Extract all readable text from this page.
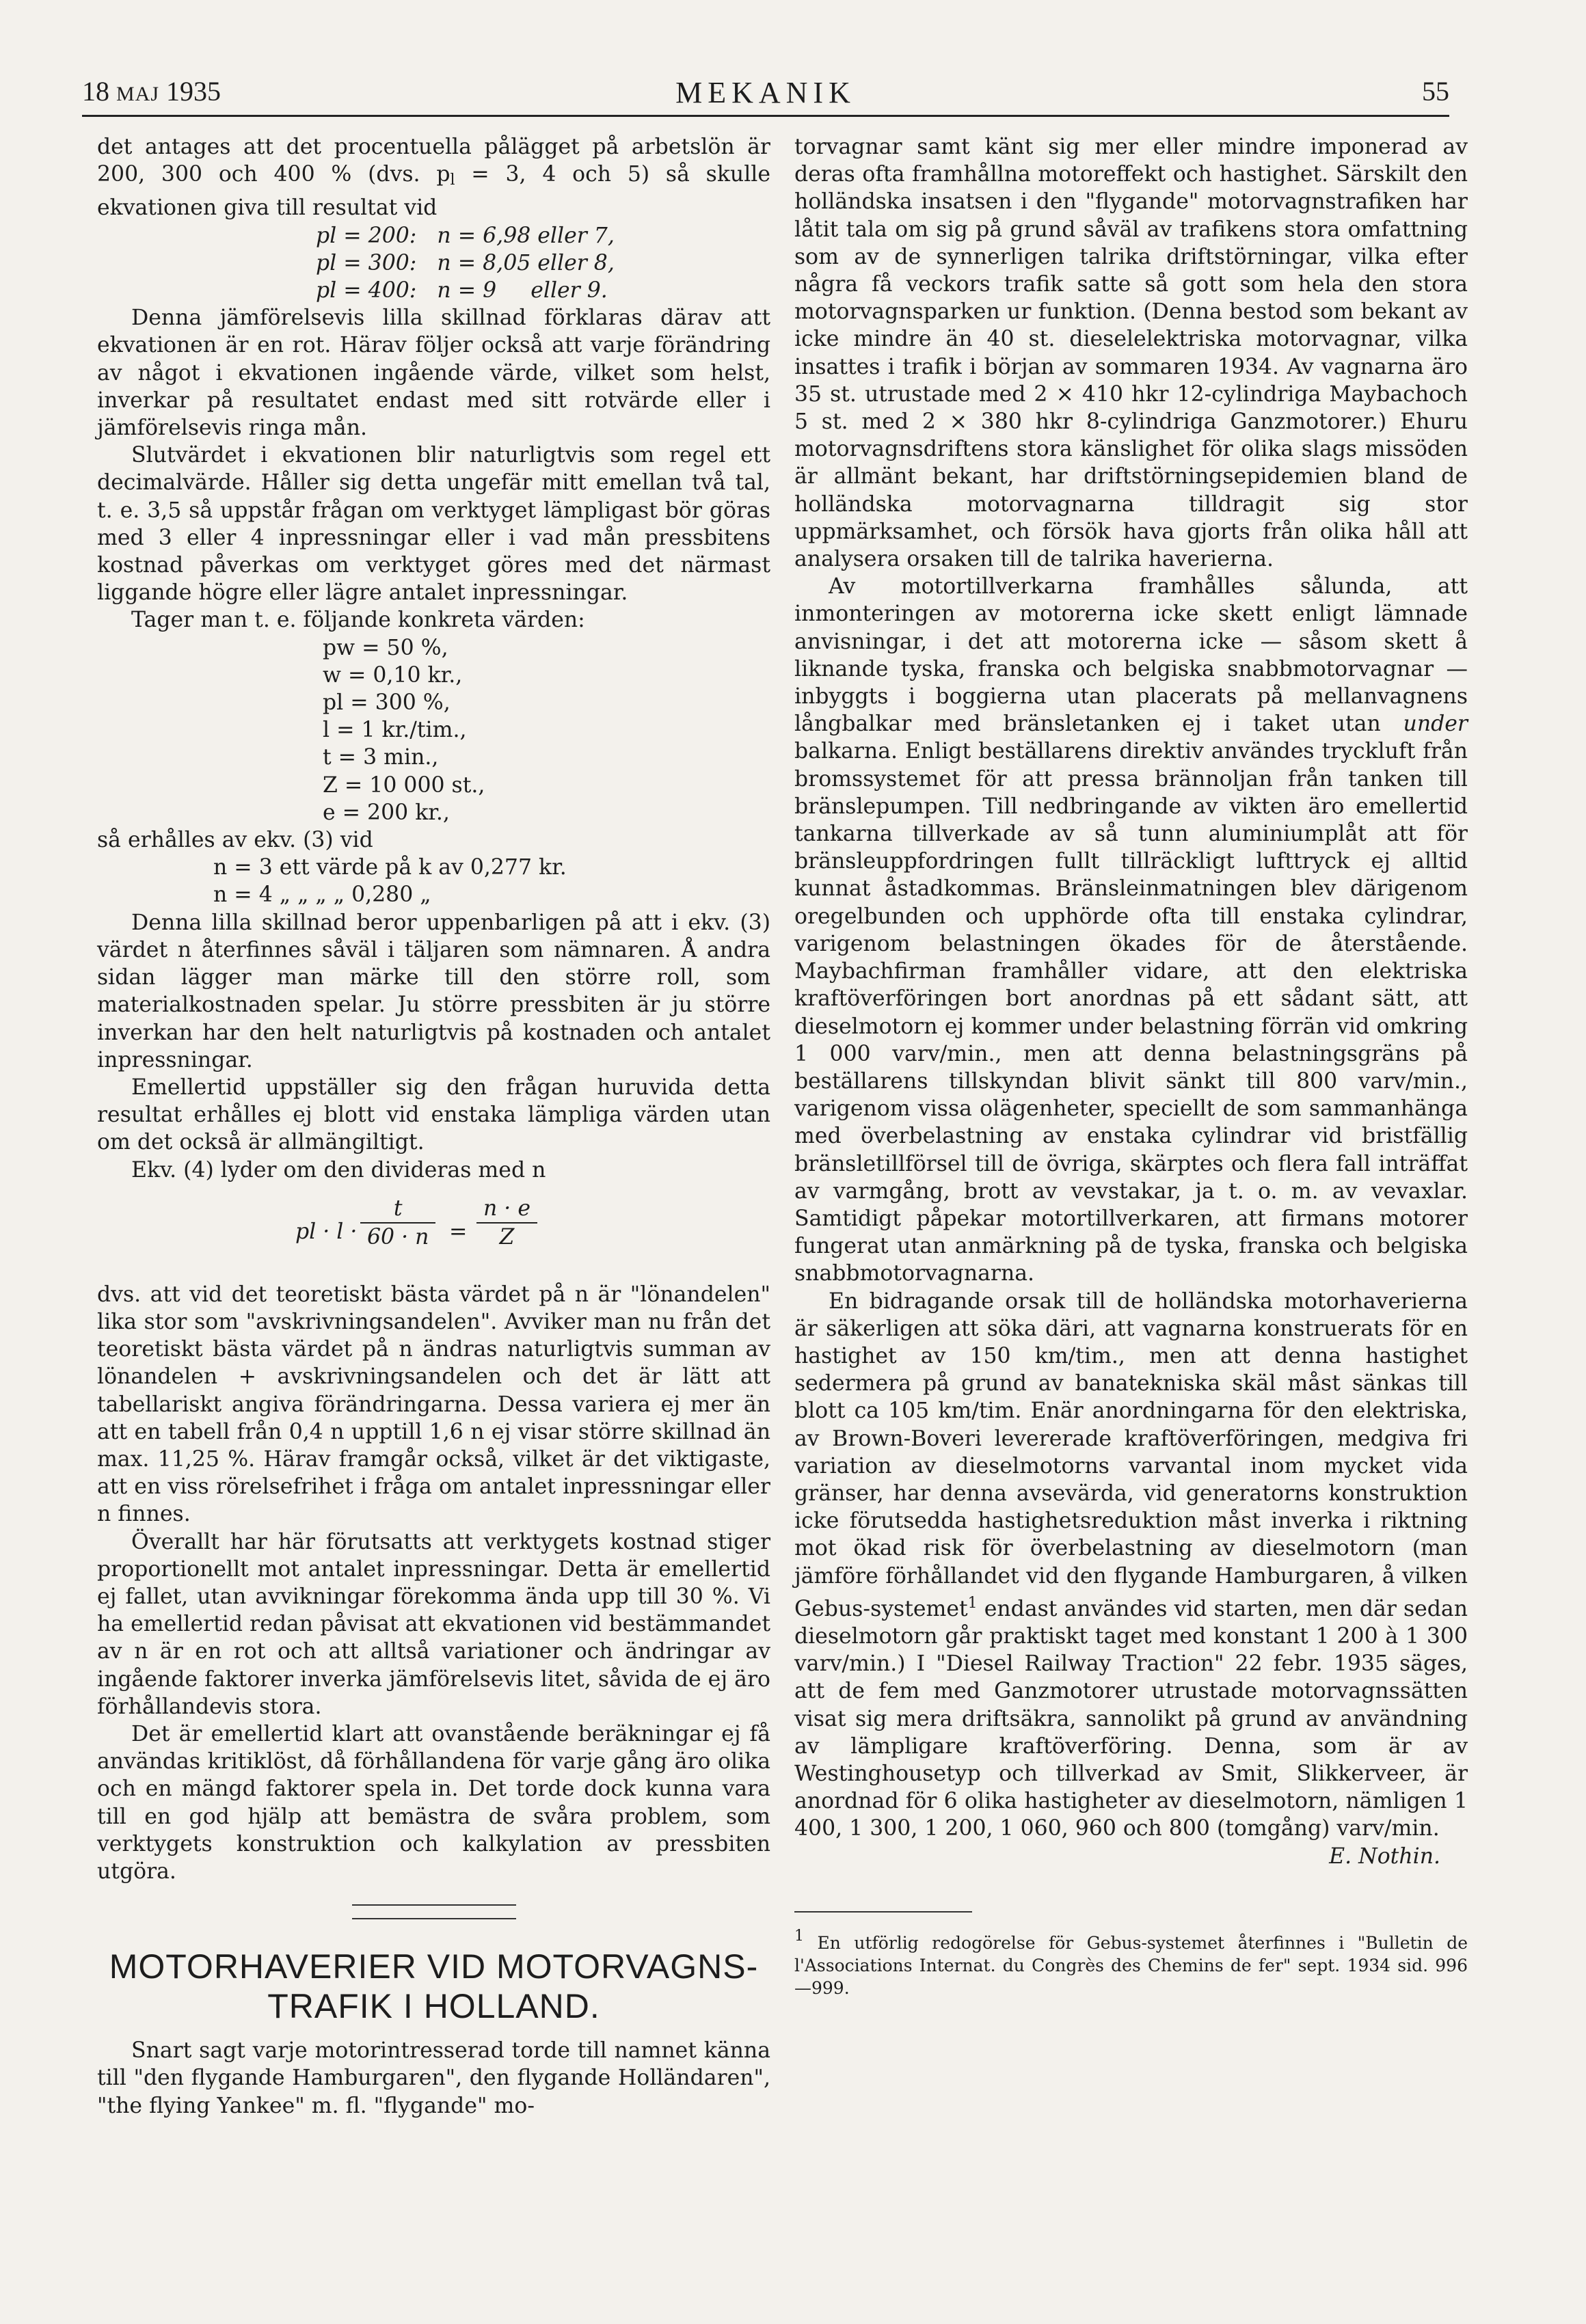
18 MAJ 1935	MEKANIK	55

det antages att det procentuella pålägget på arbetslön är 200, 300 och 400 % (dvs. $p_l = 3$, 4 och 5) så skulle ekvationen giva till resultat vid

pl = 200:   n = 6,98 eller 7,
pl = 300:   n = 8,05 eller 8,
pl = 400:   n = 9     eller 9.

Denna jämförelsevis lilla skillnad förklaras därav att ekvationen är en rot. Härav följer också att varje förändring av något i ekvationen ingående värde, vilket som helst, inverkar på resultatet endast med sitt rotvärde eller i jämförelsevis ringa mån.

Slutvärdet i ekvationen blir naturligtvis som regel ett decimalvärde. Håller sig detta ungefär mitt emellan två tal, t. e. 3,5 så uppstår frågan om verktyget lämpligast bör göras med 3 eller 4 inpressningar eller i vad mån pressbitens kostnad påverkas om verktyget göres med det närmast liggande högre eller lägre antalet inpressningar.

Tager man t. e. följande konkreta värden:

pw = 50 %,
w = 0,10 kr.,
pl = 300 %,
l = 1 kr./tim.,
t = 3 min.,
Z = 10 000 st.,
e = 200 kr.,

så erhålles av ekv. (3) vid

n = 3 ett värde på k av 0,277 kr.
n = 4 „ „ „ „ 0,280 „

Denna lilla skillnad beror uppenbarligen på att i ekv. (3) värdet n återfinnes såväl i täljaren som nämnaren. Å andra sidan lägger man märke till den större roll, som materialkostnaden spelar. Ju större pressbiten är ju större inverkan har den helt naturligtvis på kostnaden och antalet inpressningar.

Emellertid uppställer sig den frågan huruvida detta resultat erhålles ej blott vid enstaka lämpliga värden utan om det också är allmängiltigt.

Ekv. (4) lyder om den divideras med n

pl · $l \cdot \frac{t}{60 \cdot n} = \frac{n \cdot e}{Z}$

dvs. att vid det teoretiskt bästa värdet på n är "lönandelen" lika stor som "avskrivningsandelen". Avviker man nu från det teoretiskt bästa värdet på n ändras naturligtvis summan av lönandelen + avskrivningsandelen och det är lätt att tabellariskt angiva förändringarna. Dessa variera ej mer än att en tabell från 0,4 n upptill 1,6 n ej visar större skillnad än max. 11,25 %. Härav framgår också, vilket är det viktigaste, att en viss rörelsefrihet i fråga om antalet inpressningar eller n finnes.

Överallt har här förutsatts att verktygets kostnad stiger proportionellt mot antalet inpressningar. Detta är emellertid ej fallet, utan avvikningar förekomma ända upp till 30 %. Vi ha emellertid redan påvisat att ekvationen vid bestämmandet av n är en rot och att alltså variationer och ändringar av ingående faktorer inverka jämförelsevis litet, såvida de ej äro förhållandevis stora.

Det är emellertid klart att ovanstående beräkningar ej få användas kritiklöst, då förhållandena för varje gång äro olika och en mängd faktorer spela in. Det torde dock kunna vara till en god hjälp att bemästra de svåra problem, som verktygets konstruktion och kalkylation av pressbiten utgöra.

MOTORHAVERIER VID MOTORVAGNS-
TRAFIK I HOLLAND.

Snart sagt varje motorintresserad torde till namnet känna till "den flygande Hamburgaren", den flygande Holländaren", "the flying Yankee" m. fl. "flygande" mo-

torvagnar samt känt sig mer eller mindre imponerad av deras ofta framhållna motoreffekt och hastighet. Särskilt den holländska insatsen i den "flygande" motorvagnstrafiken har låtit tala om sig på grund såväl av trafikens stora omfattning som av de synnerligen talrika driftstörningar, vilka efter några få veckors trafik satte så gott som hela den stora motorvagnsparken ur funktion. (Denna bestod som bekant av icke mindre än 40 st. dieselelektriska motorvagnar, vilka insattes i trafik i början av sommaren 1934. Av vagnarna äro 35 st. utrustade med 2 × 410 hkr 12-cylindriga Maybachoch 5 st. med 2 × 380 hkr 8-cylindriga Ganzmotorer.) Ehuru motorvagnsdriftens stora känslighet för olika slags missöden är allmänt bekant, har driftstörningsepidemien bland de holländska motorvagnarna tilldragit sig stor uppmärksamhet, och försök hava gjorts från olika håll att analysera orsaken till de talrika haverierna.

Av motortillverkarna framhålles sålunda, att inmonteringen av motorerna icke skett enligt lämnade anvisningar, i det att motorerna icke — såsom skett å liknande tyska, franska och belgiska snabbmotorvagnar — inbyggts i boggierna utan placerats på mellanvagnens långbalkar med bränsletanken ej i taket utan under balkarna. Enligt beställarens direktiv användes tryckluft från bromssystemet för att pressa brännoljan från tanken till bränslepumpen. Till nedbringande av vikten äro emellertid tankarna tillverkade av så tunn aluminiumplåt att för bränsleuppfordringen fullt tillräckligt lufttryck ej alltid kunnat åstadkommas. Bränsleinmatningen blev därigenom oregelbunden och upphörde ofta till enstaka cylindrar, varigenom belastningen ökades för de återstående. Maybachfirman framhåller vidare, att den elektriska kraftöverföringen bort anordnas på ett sådant sätt, att dieselmotorn ej kommer under belastning förrän vid omkring 1 000 varv/min., men att denna belastningsgräns på beställarens tillskyndan blivit sänkt till 800 varv/min., varigenom vissa olägenheter, speciellt de som sammanhänga med överbelastning av enstaka cylindrar vid bristfällig bränsletillförsel till de övriga, skärptes och flera fall inträffat av varmgång, brott av vevstakar, ja t. o. m. av vevaxlar. Samtidigt påpekar motortillverkaren, att firmans motorer fungerat utan anmärkning på de tyska, franska och belgiska snabbmotorvagnarna.

En bidragande orsak till de holländska motorhaverierna är säkerligen att söka däri, att vagnarna konstruerats för en hastighet av 150 km/tim., men att denna hastighet sedermera på grund av banatekniska skäl måst sänkas till blott ca 105 km/tim. Enär anordningarna för den elektriska, av Brown-Boveri levererade kraftöverföringen, medgiva fri variation av dieselmotorns varvantal inom mycket vida gränser, har denna avsevärda, vid generatorns konstruktion icke förutsedda hastighetsreduktion måst inverka i riktning mot ökad risk för överbelastning av dieselmotorn (man jämföre förhållandet vid den flygande Hamburgaren, å vilken Gebus-systemet$^1$ endast användes vid starten, men där sedan dieselmotorn går praktiskt taget med konstant 1 200 à 1 300 varv/min.) I "Diesel Railway Traction" 22 febr. 1935 säges, att de fem med Ganzmotorer utrustade motorvagnssätten visat sig mera driftsäkra, sannolikt på grund av användning av lämpligare kraftöverföring. Denna, som är av Westinghousetyp och tillverkad av Smit, Slikkerveer, är anordnad för 6 olika hastigheter av dieselmotorn, nämligen 1 400, 1 300, 1 200, 1 060, 960 och 800 (tomgång) varv/min.

E. Nothin.
1 En utförlig redogörelse för Gebus-systemet återfinnes i "Bulletin de l'Associations Internat. du Congrès des Chemins de fer" sept. 1934 sid. 996—999.
